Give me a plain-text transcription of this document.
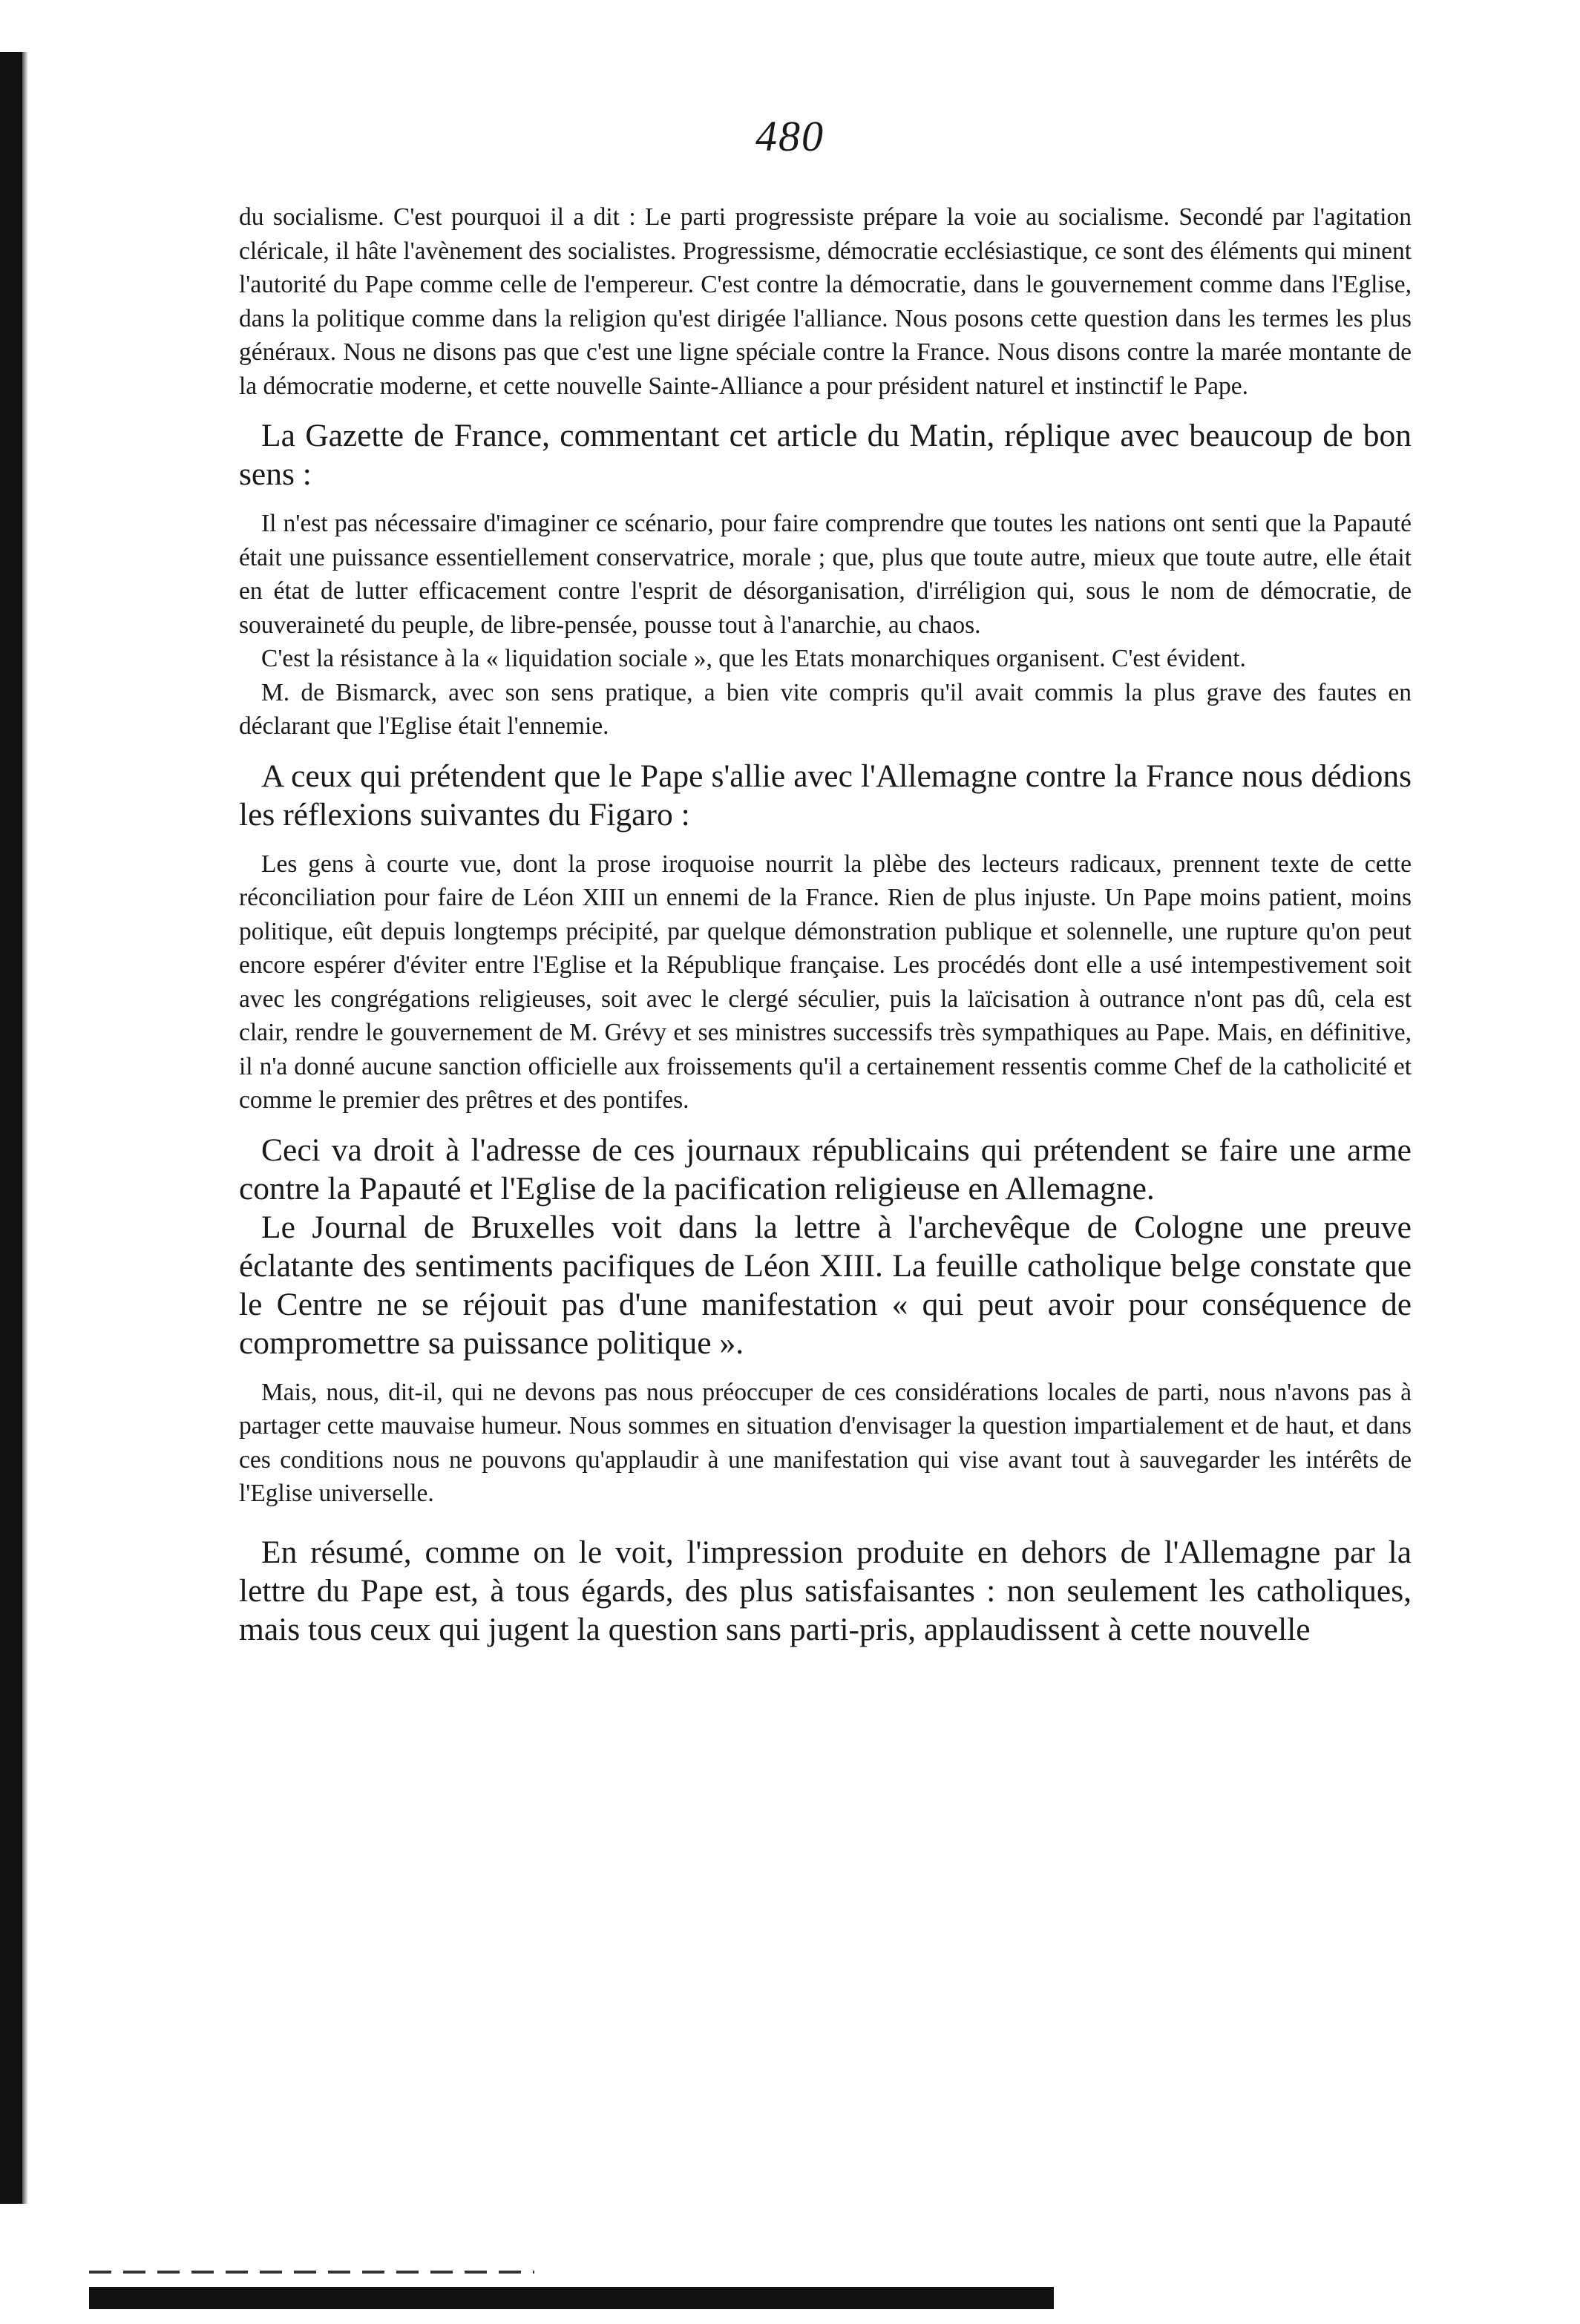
480

du socialisme. C'est pourquoi il a dit : Le parti progressiste prépare la voie au socialisme. Secondé par l'agitation cléricale, il hâte l'avènement des socialistes. Progressisme, démocratie ecclésiastique, ce sont des éléments qui minent l'autorité du Pape comme celle de l'empereur. C'est contre la démocratie, dans le gouvernement comme dans l'Eglise, dans la politique comme dans la religion qu'est dirigée l'alliance. Nous posons cette question dans les termes les plus généraux. Nous ne disons pas que c'est une ligne spéciale contre la France. Nous disons contre la marée montante de la démocratie moderne, et cette nouvelle Sainte-Alliance a pour président naturel et instinctif le Pape.

La Gazette de France, commentant cet article du Matin, réplique avec beaucoup de bon sens :

Il n'est pas nécessaire d'imaginer ce scénario, pour faire comprendre que toutes les nations ont senti que la Papauté était une puissance essentiellement conservatrice, morale ; que, plus que toute autre, mieux que toute autre, elle était en état de lutter efficacement contre l'esprit de désorganisation, d'irréligion qui, sous le nom de démocratie, de souveraineté du peuple, de libre-pensée, pousse tout à l'anarchie, au chaos.

C'est la résistance à la « liquidation sociale », que les Etats monarchiques organisent. C'est évident.

M. de Bismarck, avec son sens pratique, a bien vite compris qu'il avait commis la plus grave des fautes en déclarant que l'Eglise était l'ennemie.

A ceux qui prétendent que le Pape s'allie avec l'Allemagne contre la France nous dédions les réflexions suivantes du Figaro :

Les gens à courte vue, dont la prose iroquoise nourrit la plèbe des lecteurs radicaux, prennent texte de cette réconciliation pour faire de Léon XIII un ennemi de la France. Rien de plus injuste. Un Pape moins patient, moins politique, eût depuis longtemps précipité, par quelque démonstration publique et solennelle, une rupture qu'on peut encore espérer d'éviter entre l'Eglise et la République française. Les procédés dont elle a usé intempestivement soit avec les congrégations religieuses, soit avec le clergé séculier, puis la laïcisation à outrance n'ont pas dû, cela est clair, rendre le gouvernement de M. Grévy et ses ministres successifs très sympathiques au Pape. Mais, en définitive, il n'a donné aucune sanction officielle aux froissements qu'il a certainement ressentis comme Chef de la catholicité et comme le premier des prêtres et des pontifes.

Ceci va droit à l'adresse de ces journaux républicains qui prétendent se faire une arme contre la Papauté et l'Eglise de la pacification religieuse en Allemagne.

Le Journal de Bruxelles voit dans la lettre à l'archevêque de Cologne une preuve éclatante des sentiments pacifiques de Léon XIII. La feuille catholique belge constate que le Centre ne se réjouit pas d'une manifestation « qui peut avoir pour conséquence de compromettre sa puissance politique ».

Mais, nous, dit-il, qui ne devons pas nous préoccuper de ces considérations locales de parti, nous n'avons pas à partager cette mauvaise humeur. Nous sommes en situation d'envisager la question impartialement et de haut, et dans ces conditions nous ne pouvons qu'applaudir à une manifestation qui vise avant tout à sauvegarder les intérêts de l'Eglise universelle.

En résumé, comme on le voit, l'impression produite en dehors de l'Allemagne par la lettre du Pape est, à tous égards, des plus satisfaisantes : non seulement les catholiques, mais tous ceux qui jugent la question sans parti-pris, applaudissent à cette nouvelle
